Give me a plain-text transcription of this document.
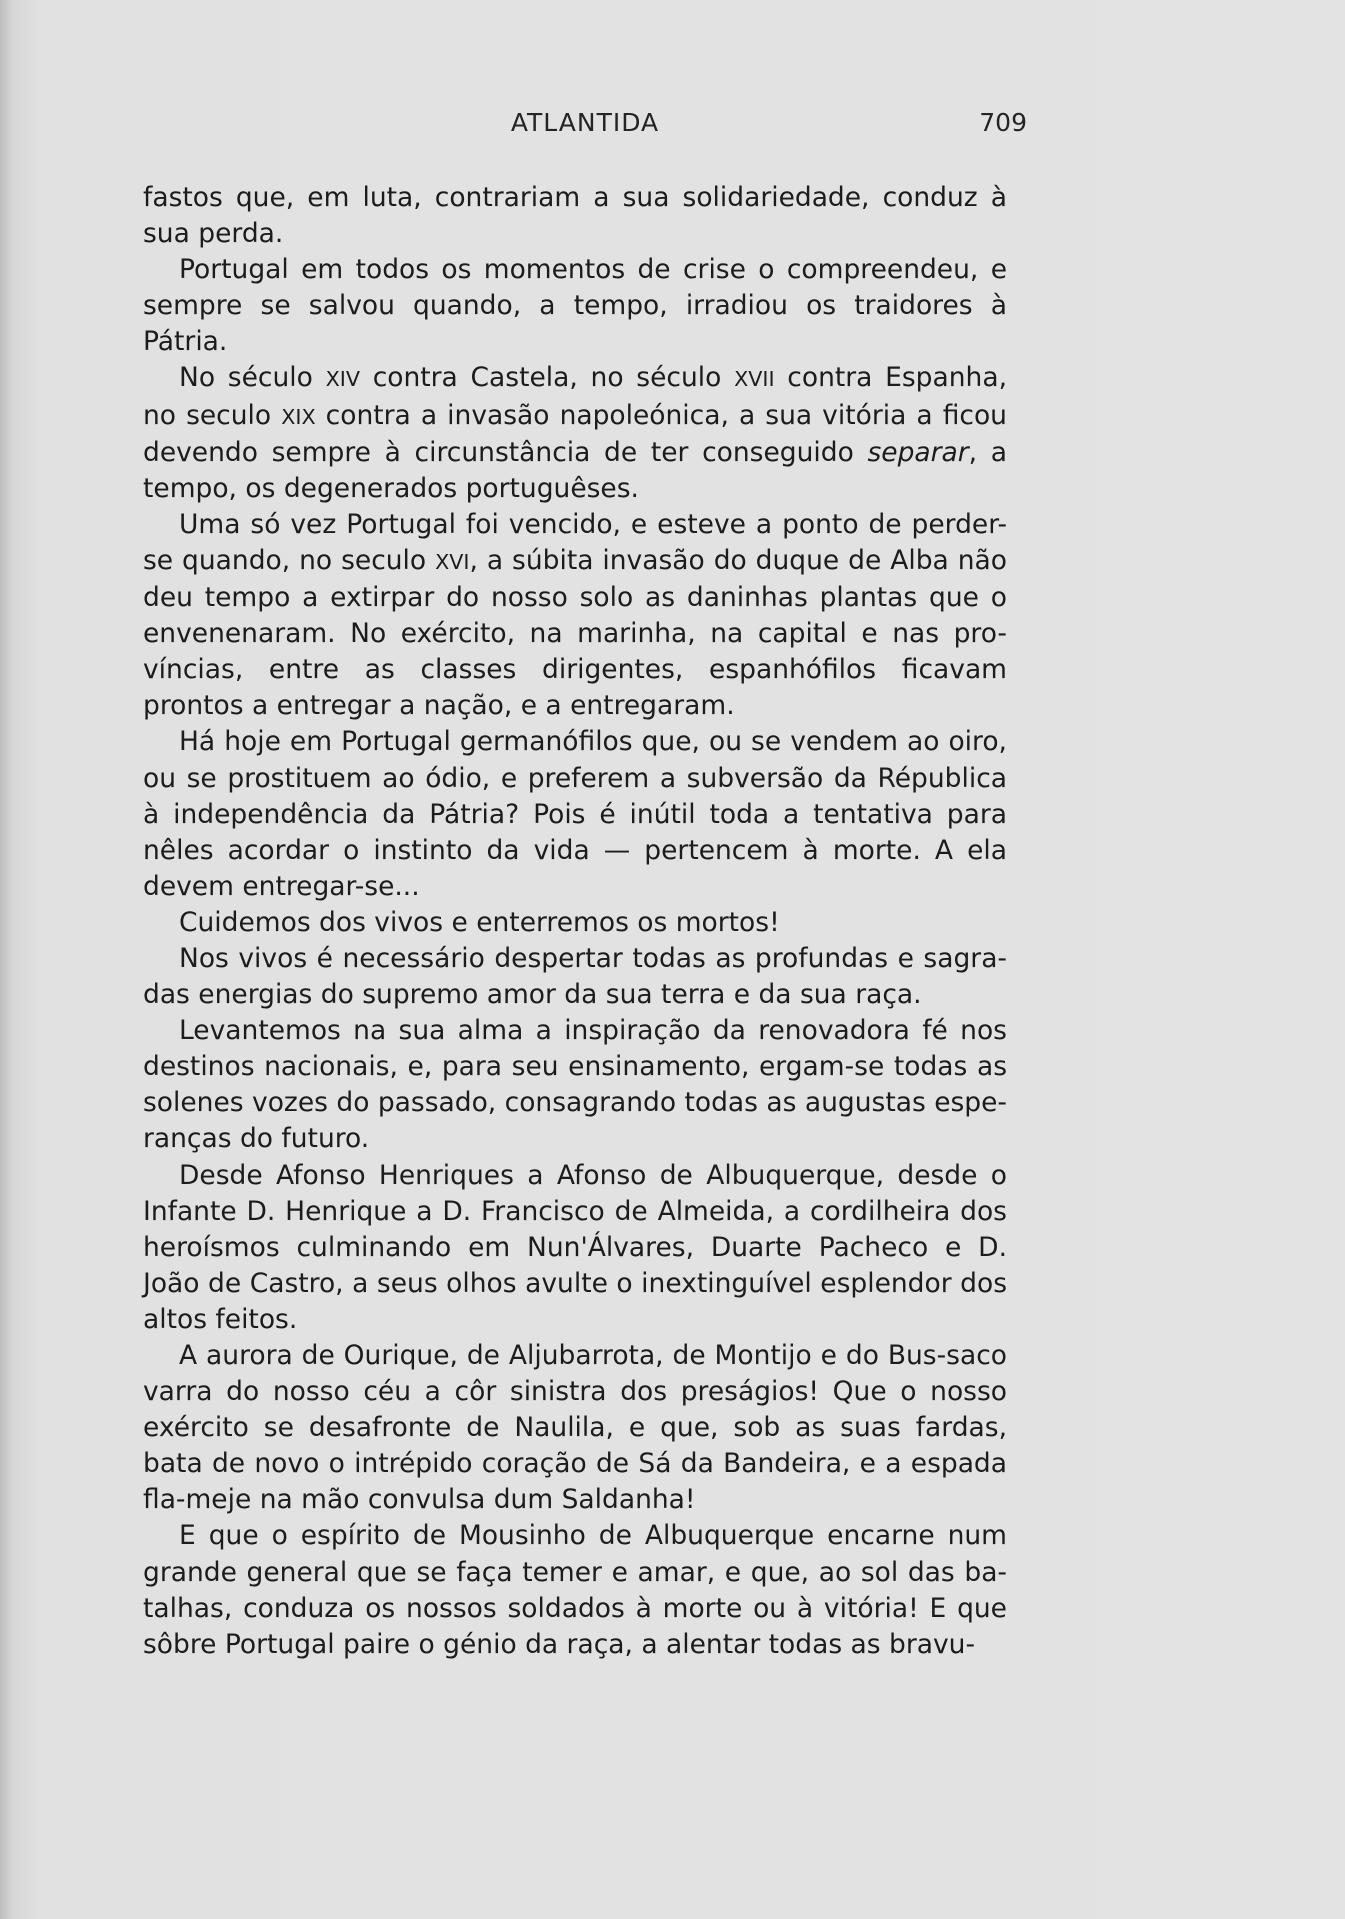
ATLANTIDA	709

fastos que, em luta, contrariam a sua solidariedade, conduz à sua perda.

Portugal em todos os momentos de crise o compreendeu, e sempre se salvou quando, a tempo, irradiou os traidores à Pátria.

No século XIV contra Castela, no século XVII contra Espanha, no seculo XIX contra a invasão napoleónica, a sua vitória a ficou devendo sempre à circunstância de ter conseguido separar, a tempo, os degenerados portuguêses.

Uma só vez Portugal foi vencido, e esteve a ponto de perder-se quando, no seculo XVI, a súbita invasão do duque de Alba não deu tempo a extirpar do nosso solo as daninhas plantas que o envenenaram. No exército, na marinha, na capital e nas pro-víncias, entre as classes dirigentes, espanhófilos ficavam prontos a entregar a nação, e a entregaram.

Há hoje em Portugal germanófilos que, ou se vendem ao oiro, ou se prostituem ao ódio, e preferem a subversão da Républica à independência da Pátria? Pois é inútil toda a tentativa para nêles acordar o instinto da vida — pertencem à morte. A ela devem entregar-se...

Cuidemos dos vivos e enterremos os mortos!

Nos vivos é necessário despertar todas as profundas e sagra-das energias do supremo amor da sua terra e da sua raça.

Levantemos na sua alma a inspiração da renovadora fé nos destinos nacionais, e, para seu ensinamento, ergam-se todas as solenes vozes do passado, consagrando todas as augustas espe-ranças do futuro.

Desde Afonso Henriques a Afonso de Albuquerque, desde o Infante D. Henrique a D. Francisco de Almeida, a cordilheira dos heroísmos culminando em Nun'Álvares, Duarte Pacheco e D. João de Castro, a seus olhos avulte o inextinguível esplendor dos altos feitos.

A aurora de Ourique, de Aljubarrota, de Montijo e do Bus-saco varra do nosso céu a côr sinistra dos preságios! Que o nosso exército se desafronte de Naulila, e que, sob as suas fardas, bata de novo o intrépido coração de Sá da Bandeira, e a espada fla-meje na mão convulsa dum Saldanha!

E que o espírito de Mousinho de Albuquerque encarne num grande general que se faça temer e amar, e que, ao sol das ba-talhas, conduza os nossos soldados à morte ou à vitória! E que sôbre Portugal paire o génio da raça, a alentar todas as bravu-
